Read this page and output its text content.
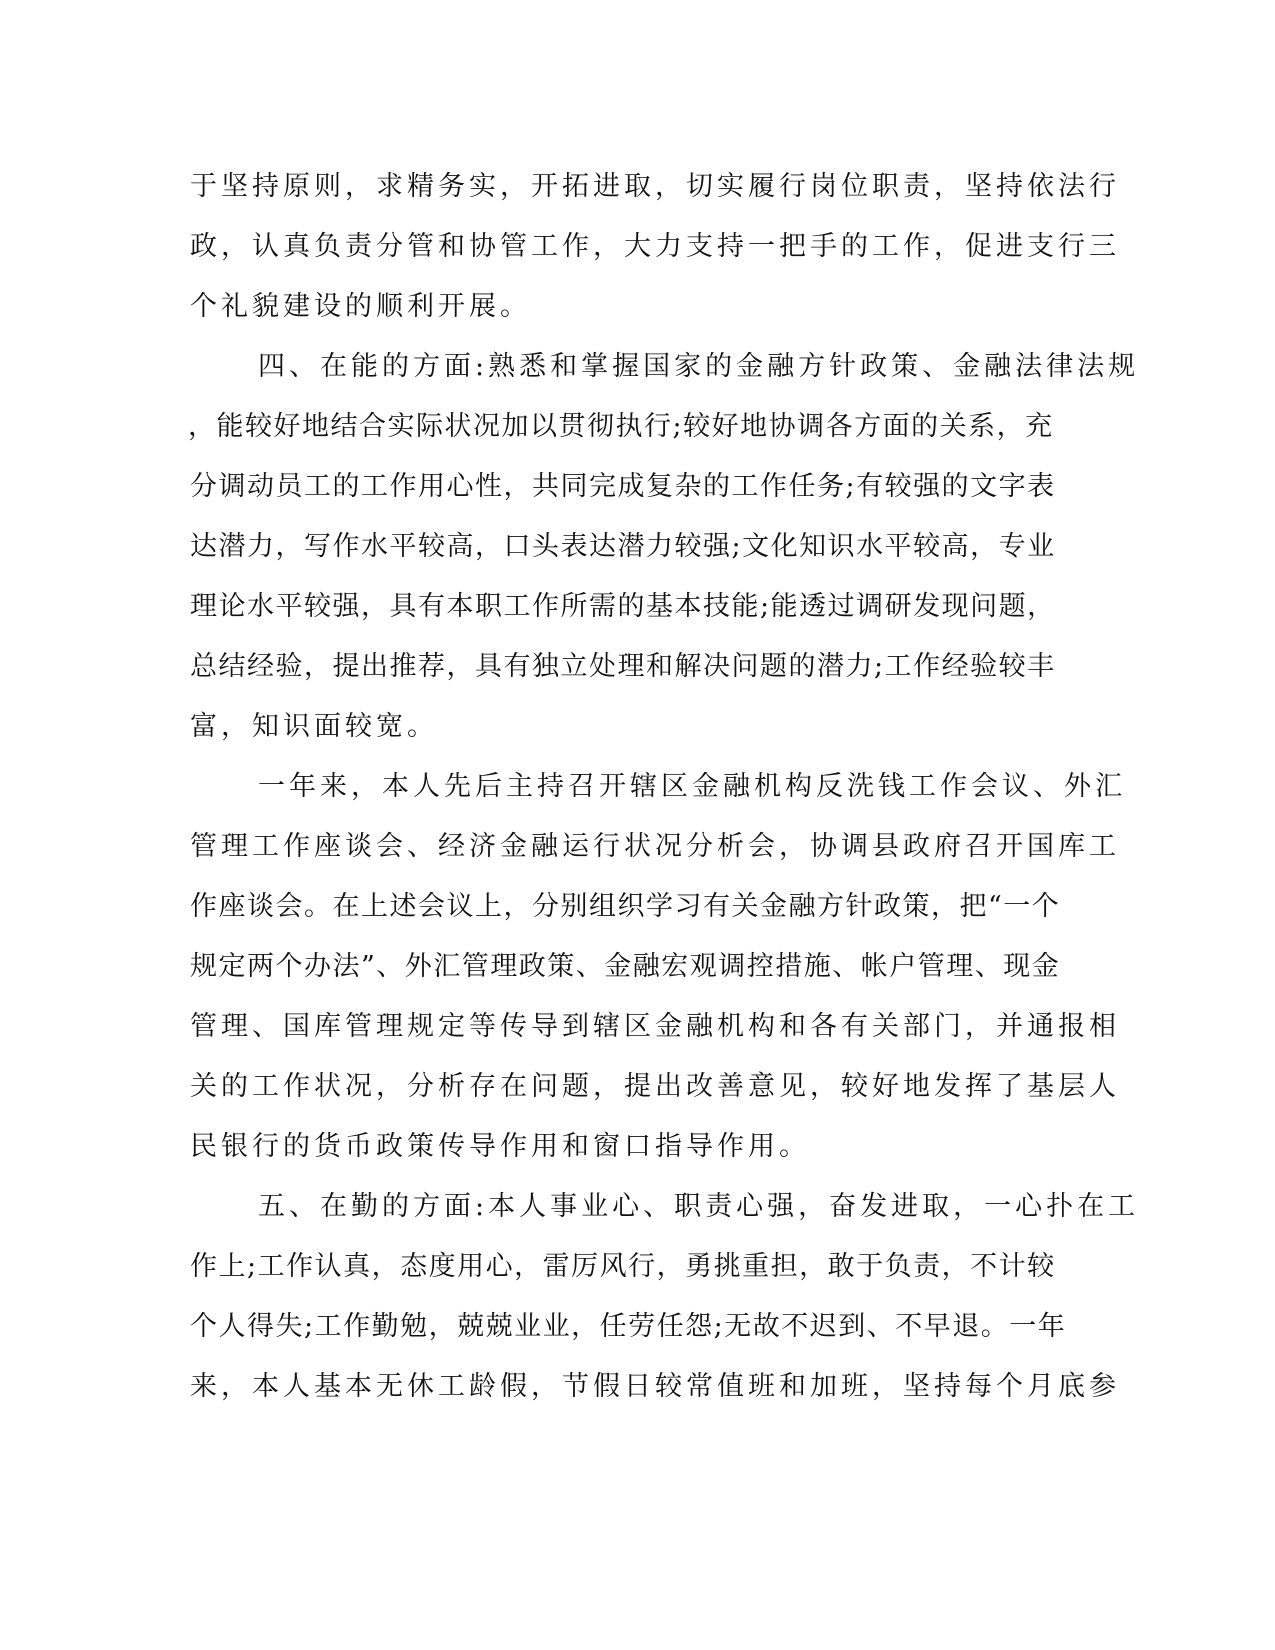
于坚持原则，求精务实，开拓进取，切实履行岗位职责，坚持依法行
政，认真负责分管和协管工作，大力支持一把手的工作，促进支行三
个礼貌建设的顺利开展。
四、在能的方面:熟悉和掌握国家的金融方针政策、金融法律法规
，能较好地结合实际状况加以贯彻执行;较好地协调各方面的关系，充
分调动员工的工作用心性，共同完成复杂的工作任务;有较强的文字表
达潜力，写作水平较高，口头表达潜力较强;文化知识水平较高，专业
理论水平较强，具有本职工作所需的基本技能;能透过调研发现问题，
总结经验，提出推荐，具有独立处理和解决问题的潜力;工作经验较丰
富，知识面较宽。
一年来，本人先后主持召开辖区金融机构反洗钱工作会议、外汇
管理工作座谈会、经济金融运行状况分析会，协调县政府召开国库工
作座谈会。在上述会议上，分别组织学习有关金融方针政策，把“一个
规定两个办法”、外汇管理政策、金融宏观调控措施、帐户管理、现金
管理、国库管理规定等传导到辖区金融机构和各有关部门，并通报相
关的工作状况，分析存在问题，提出改善意见，较好地发挥了基层人
民银行的货币政策传导作用和窗口指导作用。
五、在勤的方面:本人事业心、职责心强，奋发进取，一心扑在工
作上;工作认真，态度用心，雷厉风行，勇挑重担，敢于负责，不计较
个人得失;工作勤勉，兢兢业业，任劳任怨;无故不迟到、不早退。一年
来，本人基本无休工龄假，节假日较常值班和加班，坚持每个月底参
